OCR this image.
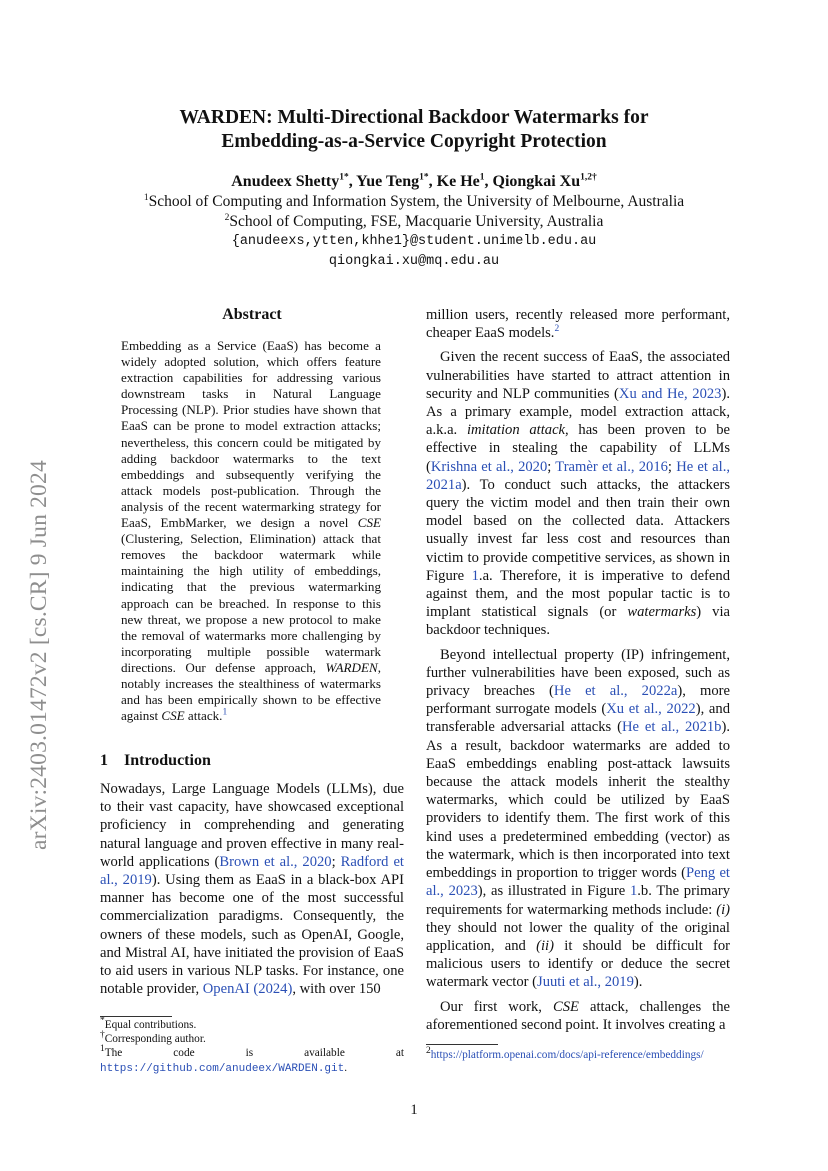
arXiv:2403.01472v2 [cs.CR] 9 Jun 2024
WARDEN: Multi-Directional Backdoor Watermarks for
Embedding-as-a-Service Copyright Protection
Anudeex Shetty$^{1*}$, Yue Teng$^{1*}$, Ke He$^1$, Qiongkai $Xu^{1,2\dagger}$
$^1$School of Computing and Information System, the University of Melbourne, Australia
$^2$School of Computing, FSE, Macquarie University, Australia
{anudeexs,ytten,khhe1}@student.unimelb.edu.au
qiongkai.xu@mq.edu.au
Abstract

Embedding as a Service (EaaS) has become a widely adopted solution, which offers feature extraction capabilities for addressing various downstream tasks in Natural Language Processing (NLP). Prior studies have shown that EaaS can be prone to model extraction attacks; nevertheless, this concern could be mitigated by adding backdoor watermarks to the text embeddings and subsequently verifying the attack models post-publication. Through the analysis of the recent watermarking strategy for EaaS, EmbMarker, we design a novel CSE (Clustering, Selection, Elimination) attack that removes the backdoor watermark while maintaining the high utility of embeddings, indicating that the previous watermarking approach can be breached. In response to this new threat, we propose a new protocol to make the removal of watermarks more challenging by incorporating multiple possible watermark directions. Our defense approach, WARDEN, notably increases the stealthiness of watermarks and has been empirically shown to be effective against CSE attack.$^1$

1 Introduction

Nowadays, Large Language Models (LLMs), due to their vast capacity, have showcased exceptional proficiency in comprehending and generating natural language and proven effective in many real-world applications (Brown et al., 2020; Radford et al., 2019). Using them as EaaS in a black-box API manner has become one of the most successful commercialization paradigms. Consequently, the owners of these models, such as OpenAI, Google, and Mistral AI, have initiated the provision of EaaS to aid users in various NLP tasks. For instance, one notable provider, OpenAI (2024), with over 150

million users, recently released more performant, cheaper EaaS models.$^2$

Given the recent success of EaaS, the associated vulnerabilities have started to attract attention in security and NLP communities (Xu and He, 2023). As a primary example, model extraction attack, a.k.a. imitation attack, has been proven to be effective in stealing the capability of LLMs (Krishna et al., 2020; Tramèr et al., 2016; He et al., 2021a). To conduct such attacks, the attackers query the victim model and then train their own model based on the collected data. Attackers usually invest far less cost and resources than victim to provide competitive services, as shown in Figure 1.a. Therefore, it is imperative to defend against them, and the most popular tactic is to implant statistical signals (or watermarks) via backdoor techniques.

Beyond intellectual property (IP) infringement, further vulnerabilities have been exposed, such as privacy breaches (He et al., 2022a), more performant surrogate models (Xu et al., 2022), and transferable adversarial attacks (He et al., 2021b). As a result, backdoor watermarks are added to EaaS embeddings enabling post-attack lawsuits because the attack models inherit the stealthy watermarks, which could be utilized by EaaS providers to identify them. The first work of this kind uses a predetermined embedding (vector) as the watermark, which is then incorporated into text embeddings in proportion to trigger words (Peng et al., 2023), as illustrated in Figure 1.b. The primary requirements for watermarking methods include: (i) they should not lower the quality of the original application, and (ii) it should be difficult for malicious users to identify or deduce the secret watermark vector (Juuti et al., 2019).

Our first work, CSE attack, challenges the aforementioned second point. It involves creating a

*Equal contributions.
†Corresponding author.
$^1$The code is available at https://github.com/anudeex/WARDEN.git.
$^2$https://platform.openai.com/docs/api-reference/embeddings/
1
